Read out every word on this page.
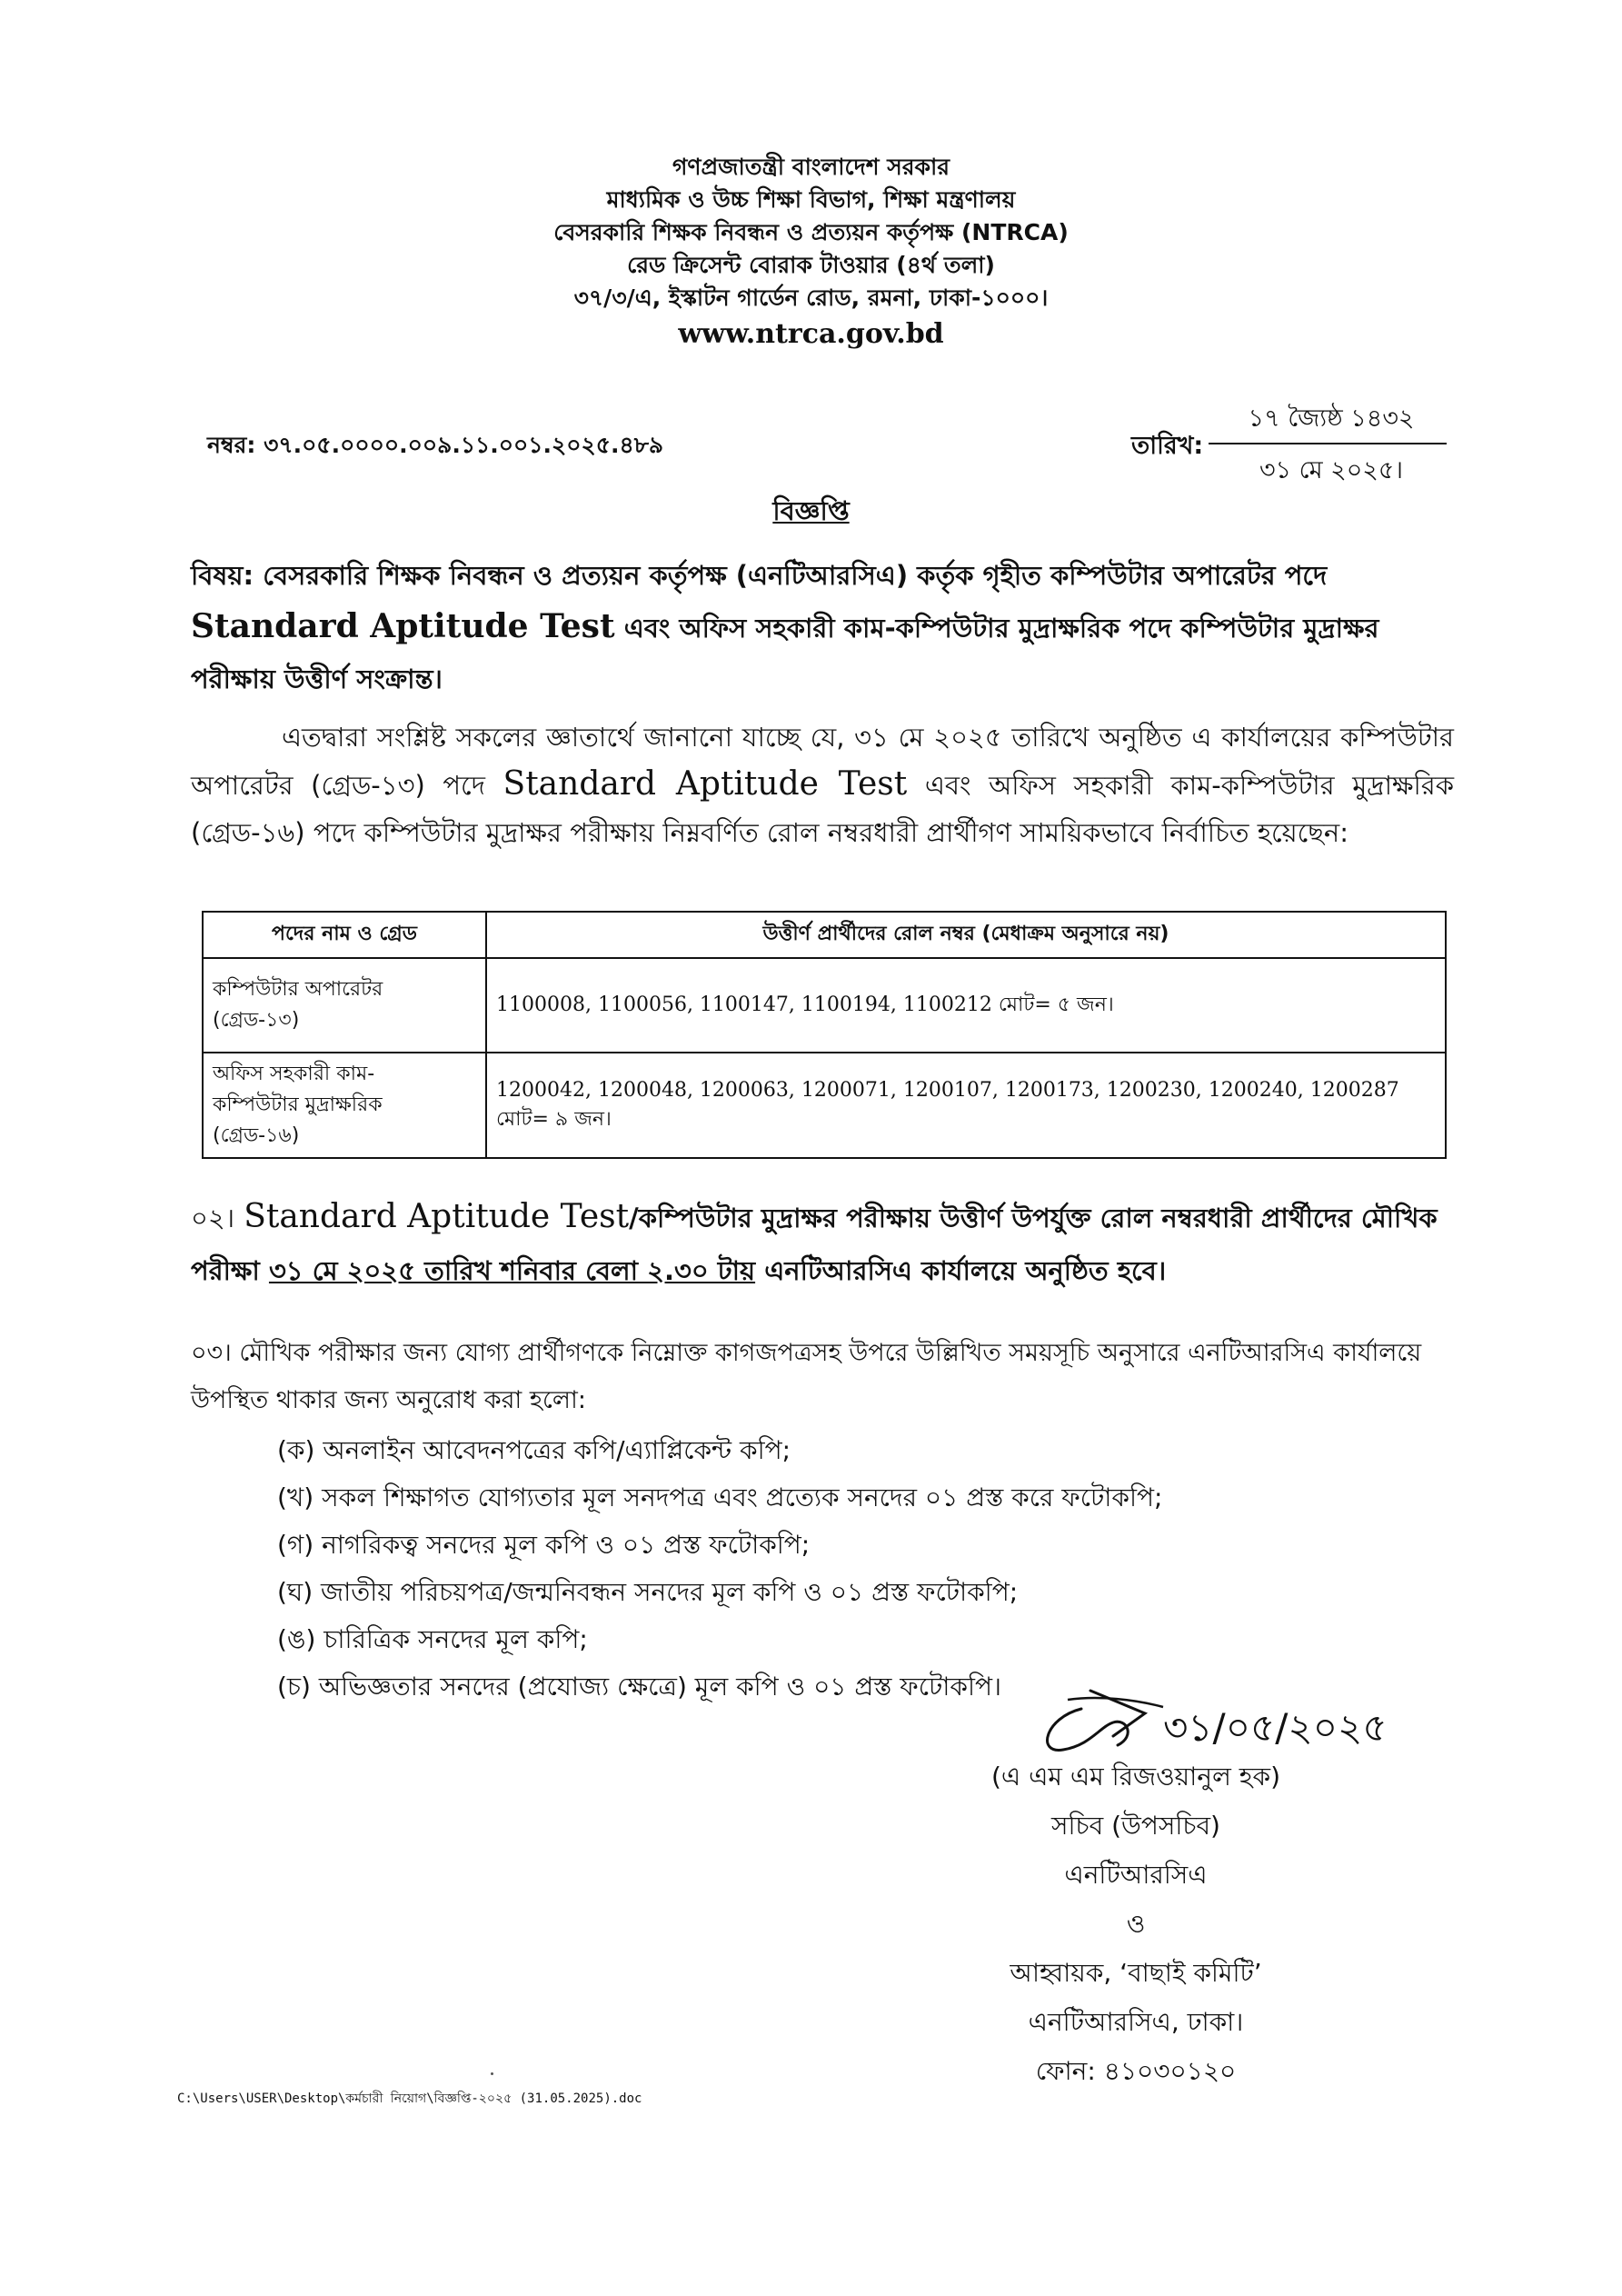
গণপ্রজাতন্ত্রী বাংলাদেশ সরকার
মাধ্যমিক ও উচ্চ শিক্ষা বিভাগ, শিক্ষা মন্ত্রণালয়
বেসরকারি শিক্ষক নিবন্ধন ও প্রত্যয়ন কর্তৃপক্ষ (NTRCA)
রেড ক্রিসেন্ট বোরাক টাওয়ার (৪র্থ তলা)
৩৭/৩/এ, ইস্কাটন গার্ডেন রোড, রমনা, ঢাকা-১০০০।
www.ntrca.gov.bd
নম্বর: ৩৭.০৫.০০০০.০০৯.১১.০০১.২০২৫.৪৮৯	তারিখ:
১৭ জ্যৈষ্ঠ ১৪৩২
৩১ মে ২০২৫।
বিজ্ঞপ্তি
বিষয়: বেসরকারি শিক্ষক নিবন্ধন ও প্রত্যয়ন কর্তৃপক্ষ (এনটিআরসিএ) কর্তৃক গৃহীত কম্পিউটার অপারেটর পদে Standard Aptitude Test এবং অফিস সহকারী কাম-কম্পিউটার মুদ্রাক্ষরিক পদে কম্পিউটার মুদ্রাক্ষর পরীক্ষায় উত্তীর্ণ সংক্রান্ত।
এতদ্বারা সংশ্লিষ্ট সকলের জ্ঞাতার্থে জানানো যাচ্ছে যে, ৩১ মে ২০২৫ তারিখে অনুষ্ঠিত এ কার্যালয়ের কম্পিউটার অপারেটর (গ্রেড-১৩) পদে Standard Aptitude Test এবং অফিস সহকারী কাম-কম্পিউটার মুদ্রাক্ষরিক (গ্রেড-১৬) পদে কম্পিউটার মুদ্রাক্ষর পরীক্ষায় নিম্নবর্ণিত রোল নম্বরধারী প্রার্থীগণ সাময়িকভাবে নির্বাচিত হয়েছেন:
পদের নাম ও গ্রেড	উত্তীর্ণ প্রার্থীদের রোল নম্বর (মেধাক্রম অনুসারে নয়)

কম্পিউটার অপারেটর
(গ্রেড-১৩)	1100008, 1100056, 1100147, 1100194, 1100212 মোট= ৫ জন।

অফিস সহকারী কাম-
কম্পিউটার মুদ্রাক্ষরিক
(গ্রেড-১৬)	1200042, 1200048, 1200063, 1200071, 1200107, 1200173, 1200230, 1200240, 1200287 মোট= ৯ জন।
০২। Standard Aptitude Test/কম্পিউটার মুদ্রাক্ষর পরীক্ষায় উত্তীর্ণ উপর্যুক্ত রোল নম্বরধারী প্রার্থীদের মৌখিক পরীক্ষা ৩১ মে ২০২৫ তারিখ শনিবার বেলা ২.৩০ টায় এনটিআরসিএ কার্যালয়ে অনুষ্ঠিত হবে।
০৩। মৌখিক পরীক্ষার জন্য যোগ্য প্রার্থীগণকে নিম্নোক্ত কাগজপত্রসহ উপরে উল্লিখিত সময়সূচি অনুসারে এনটিআরসিএ কার্যালয়ে উপস্থিত থাকার জন্য অনুরোধ করা হলো:
(ক) অনলাইন আবেদনপত্রের কপি/এ্যাপ্লিকেন্ট কপি;
(খ) সকল শিক্ষাগত যোগ্যতার মূল সনদপত্র এবং প্রত্যেক সনদের ০১ প্রস্ত করে ফটোকপি;
(গ) নাগরিকত্ব সনদের মূল কপি ও ০১ প্রস্ত ফটোকপি;
(ঘ) জাতীয় পরিচয়পত্র/জন্মনিবন্ধন সনদের মূল কপি ও ০১ প্রস্ত ফটোকপি;
(ঙ) চারিত্রিক সনদের মূল কপি;
(চ) অভিজ্ঞতার সনদের (প্রযোজ্য ক্ষেত্রে) মূল কপি ও ০১ প্রস্ত ফটোকপি।
৩১/০৫/২০২৫
(এ এম এম রিজওয়ানুল হক)
সচিব (উপসচিব)
এনটিআরসিএ
ও
আহ্বায়ক, ‘বাছাই কমিটি’
এনটিআরসিএ, ঢাকা।
ফোন: ৪১০৩০১২০
C:\Users\USER\Desktop\কর্মচারী নিয়োগ\বিজ্ঞপ্তি-২০২৫ (31.05.2025).doc
